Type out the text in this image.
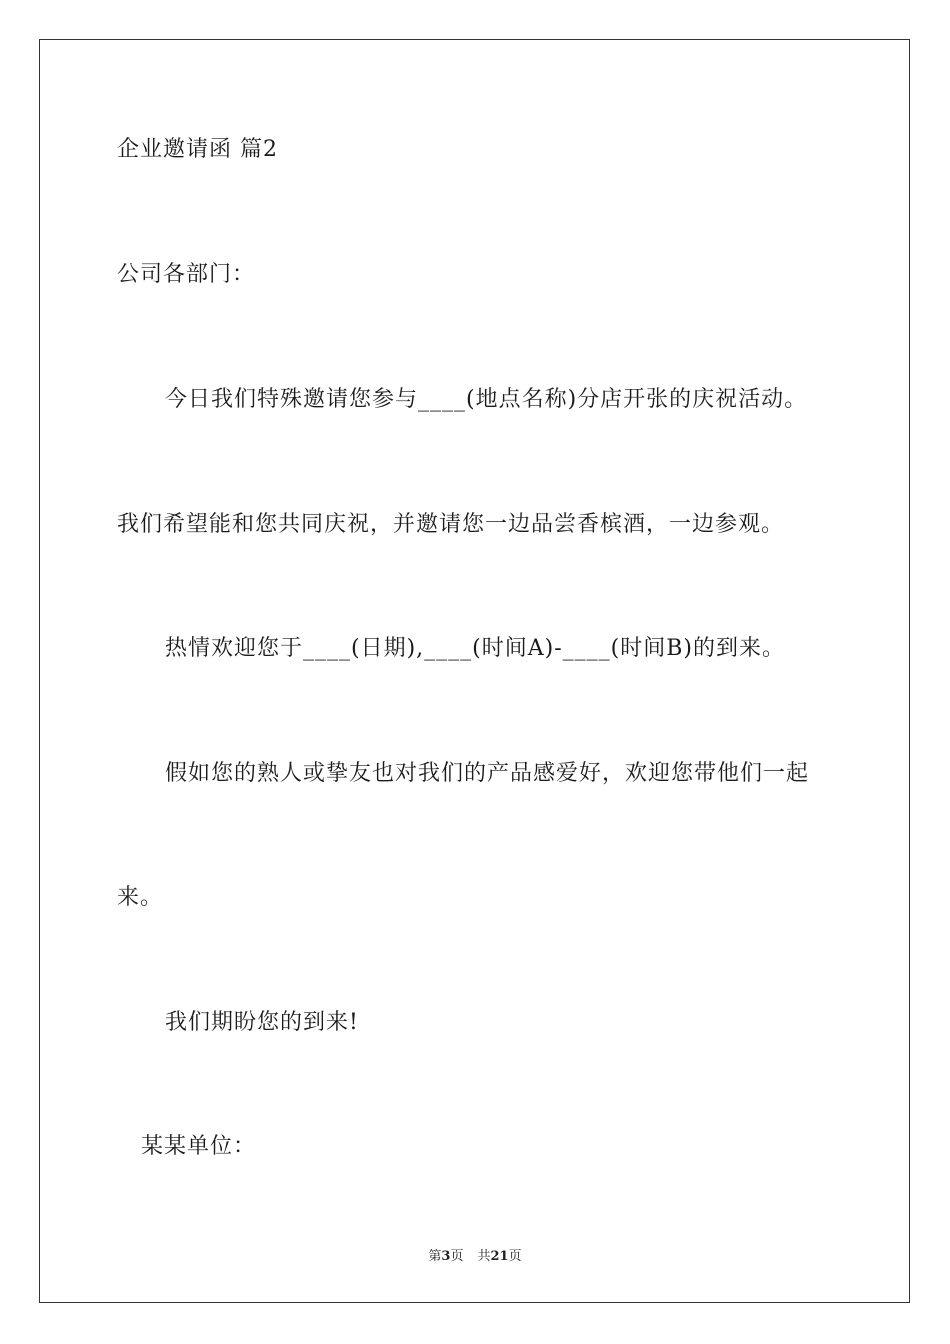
企业邀请函 篇2
公司各部门：
今日我们特殊邀请您参与____(地点名称)分店开张的庆祝活动。
我们希望能和您共同庆祝，并邀请您一边品尝香槟酒，一边参观。
热情欢迎您于____(日期),____(时间A)-____(时间B)的到来。
假如您的熟人或挚友也对我们的产品感爱好，欢迎您带他们一起
来。
我们期盼您的到来!
某某单位：
第3页 共21页
